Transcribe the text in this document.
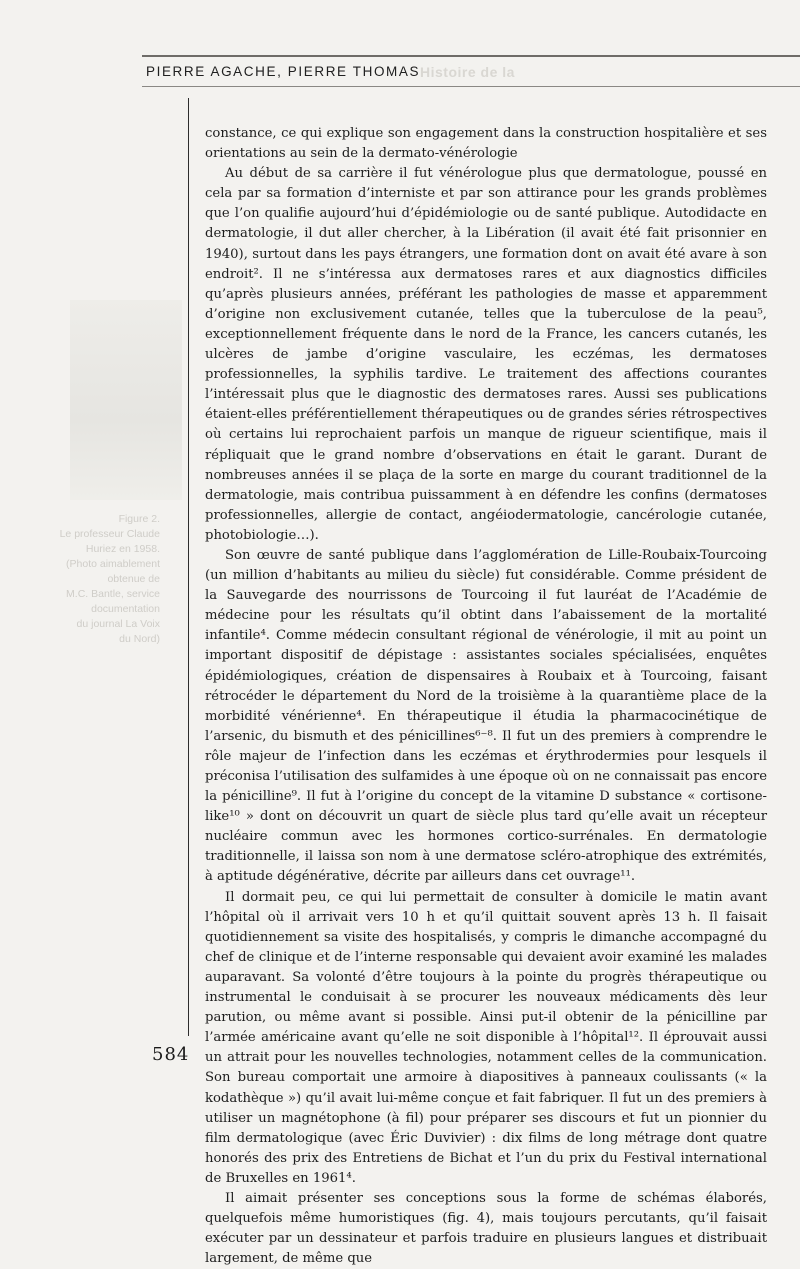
Histoire de la
PIERRE AGACHE, PIERRE THOMAS
Figure 2.
Le professeur Claude
Huriez en 1958.
(Photo aimablement
obtenue de
M.C. Bantle, service
documentation
du journal La Voix
du Nord)

constance, ce qui explique son engagement dans la construction hospitalière et ses orientations au sein de la dermato-vénérologie

Au début de sa carrière il fut vénérologue plus que dermatologue, poussé en cela par sa formation d’interniste et par son attirance pour les grands problèmes que l’on qualifie aujourd’hui d’épidémiologie ou de santé publique. Autodidacte en dermatologie, il dut aller chercher, à la Libération (il avait été fait prisonnier en 1940), surtout dans les pays étrangers, une formation dont on avait été avare à son endroit². Il ne s’intéressa aux dermatoses rares et aux diagnostics difficiles qu’après plusieurs années, préférant les pathologies de masse et apparemment d’origine non exclusivement cutanée, telles que la tuberculose de la peau⁵, exceptionnellement fréquente dans le nord de la France, les cancers cutanés, les ulcères de jambe d’origine vasculaire, les eczémas, les dermatoses professionnelles, la syphilis tardive. Le traitement des affections courantes l’intéressait plus que le diagnostic des dermatoses rares. Aussi ses publications étaient-elles préférentiellement thérapeutiques ou de grandes séries rétrospectives où certains lui reprochaient parfois un manque de rigueur scientifique, mais il répliquait que le grand nombre d’observations en était le garant. Durant de nombreuses années il se plaça de la sorte en marge du courant traditionnel de la dermatologie, mais contribua puissamment à en défendre les confins (dermatoses professionnelles, allergie de contact, angéiodermatologie, cancérologie cutanée, photobiologie…).

Son œuvre de santé publique dans l’agglomération de Lille-Roubaix-Tourcoing (un million d’habitants au milieu du siècle) fut considérable. Comme président de la Sauvegarde des nourrissons de Tourcoing il fut lauréat de l’Académie de médecine pour les résultats qu’il obtint dans l’abaissement de la mortalité infantile⁴. Comme médecin consultant régional de vénérologie, il mit au point un important dispositif de dépistage : assistantes sociales spécialisées, enquêtes épidémiologiques, création de dispensaires à Roubaix et à Tourcoing, faisant rétrocéder le département du Nord de la troisième à la quarantième place de la morbidité vénérienne⁴. En thérapeutique il étudia la pharmacocinétique de l’arsenic, du bismuth et des pénicillines⁶⁻⁸. Il fut un des premiers à comprendre le rôle majeur de l’infection dans les eczémas et érythrodermies pour lesquels il préconisa l’utilisation des sulfamides à une époque où on ne connaissait pas encore la pénicilline⁹. Il fut à l’origine du concept de la vitamine D substance « cortisone-like¹⁰ » dont on découvrit un quart de siècle plus tard qu’elle avait un récepteur nucléaire commun avec les hormones cortico-surrénales. En dermatologie traditionnelle, il laissa son nom à une dermatose scléro-atrophique des extrémités, à aptitude dégénérative, décrite par ailleurs dans cet ouvrage¹¹.

Il dormait peu, ce qui lui permettait de consulter à domicile le matin avant l’hôpital où il arrivait vers 10 h et qu’il quittait souvent après 13 h. Il faisait quotidiennement sa visite des hospitalisés, y compris le dimanche accompagné du chef de clinique et de l’interne responsable qui devaient avoir examiné les malades auparavant. Sa volonté d’être toujours à la pointe du progrès thérapeutique ou instrumental le conduisait à se procurer les nouveaux médicaments dès leur parution, ou même avant si possible. Ainsi put-il obtenir de la pénicilline par l’armée américaine avant qu’elle ne soit disponible à l’hôpital¹². Il éprouvait aussi un attrait pour les nouvelles technologies, notamment celles de la communication. Son bureau comportait une armoire à diapositives à panneaux coulissants (« la kodathèque ») qu’il avait lui-même conçue et fait fabriquer. Il fut un des premiers à utiliser un magnétophone (à fil) pour préparer ses discours et fut un pionnier du film dermatologique (avec Éric Duvivier) : dix films de long métrage dont quatre honorés des prix des Entretiens de Bichat et l’un du prix du Festival international de Bruxelles en 1961⁴.

Il aimait présenter ses conceptions sous la forme de schémas élaborés, quelquefois même humoristiques (fig. 4), mais toujours percutants, qu’il faisait exécuter par un dessinateur et parfois traduire en plusieurs langues et distribuait largement, de même que

584
